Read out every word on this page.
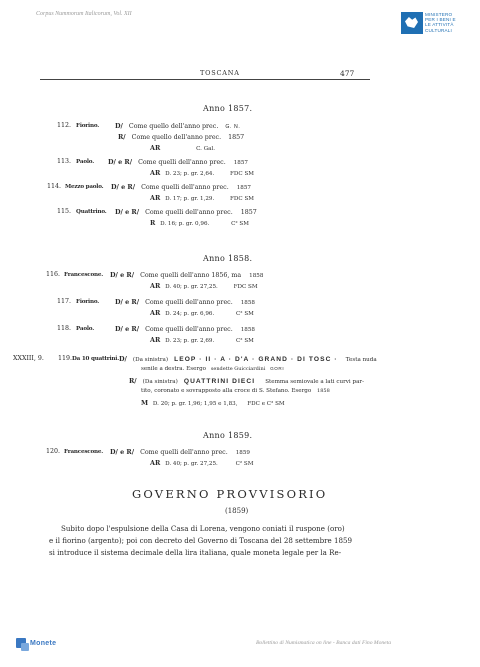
Corpus Nummorum Italicorum, Vol. XII	MINISTERO
PER I BENI E
LE ATTIVITÀ
CULTURALI
TOSCANA	477
Anno 1857.
112. Fiorino.	D/ Come quello dell'anno prec. G. N.
R/ Come quello dell'anno prec. 1857
AR	C. Gal.
113. Paolo. D/ e R/ Come quelli dell'anno prec. 1857
AR D. 23; p. gr. 2,64.	FDC SM
114. Mezzo paolo. D/ e R/ Come quelli dell'anno prec. 1857
AR D. 17; p. gr. 1,29.	FDC SM
115. Quattrino. D/ e R/ Come quelli dell'anno prec. 1857
R D. 16; p. gr. 0,96.	C² SM
Anno 1858.
116. Francescone. D/ e R/ Come quelli dell'anno 1856, ma 1858
AR D. 40; p. gr. 27,25.	FDC SM
117. Fiorino.	D/ e R/ Come quelli dell'anno prec. 1858
AR D. 24; p. gr. 6,96.	C² SM
118. Paolo.	D/ e R/ Come quelli dell'anno prec. 1858
AR D. 23; p. gr. 2,69.	C² SM
XXXIII, 9. 119.Da 10 quattrini. D/ (Da sinistra) LEOP · II · A · D'A · GRAND · DI TOSC · Testa nuda
senile a destra. Esergo sendette Guicciardini GORI
R/ (Da sinistra) QUATTRINI DIECI Stemma semiovale a lati curvi par-
tito, coronato e sovrapposto alla croce di S. Stefano. Esergo 1858
M D. 20; p. gr. 1,96; 1,95 e 1,83, FDC e C² SM
Anno 1859.
120. Francescone. D/ e R/ Come quelli dell'anno prec. 1859
AR D. 40; p. gr. 27,25.	C² SM
GOVERNO PROVVISORIO
(1859)
Subito dopo l'espulsione della Casa di Lorena, vengono coniati il ruspone (oro)
e il fiorino (argento); poi con decreto del Governo di Toscana del 28 settembre 1859
si introduce il sistema decimale della lira italiana, quale moneta legale per la Re-
Monete	Bollettino di Numismatica on line - Banca dati Fino Moneta
